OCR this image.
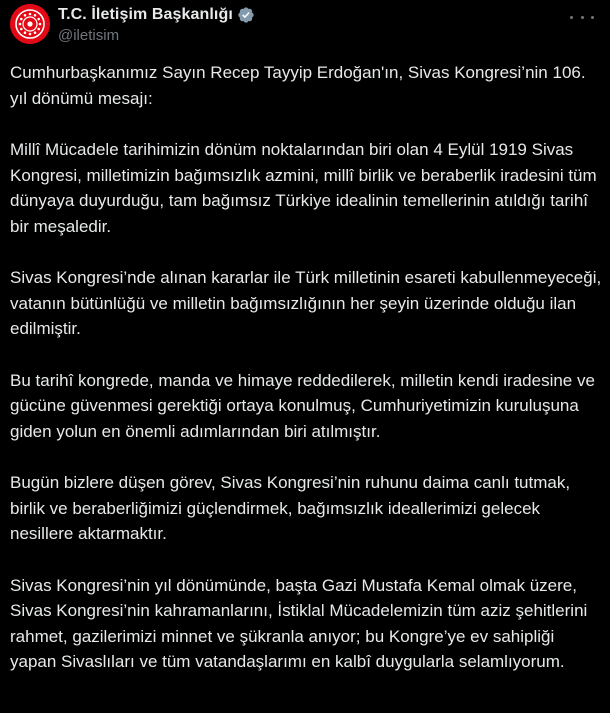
T.C. İletişim Başkanlığı
@iletisim

Cumhurbaşkanımız Sayın Recep Tayyip Erdoğan'ın, Sivas Kongresi’nin 106. yıl dönümü mesajı:

Millî Mücadele tarihimizin dönüm noktalarından biri olan 4 Eylül 1919 Sivas Kongresi, milletimizin bağımsızlık azmini, millî birlik ve beraberlik iradesini tüm dünyaya duyurduğu, tam bağımsız Türkiye idealinin temellerinin atıldığı tarihî bir meşaledir.

Sivas Kongresi’nde alınan kararlar ile Türk milletinin esareti kabullenmeyeceği, vatanın bütünlüğü ve milletin bağımsızlığının her şeyin üzerinde olduğu ilan edilmiştir.

Bu tarihî kongrede, manda ve himaye reddedilerek, milletin kendi iradesine ve gücüne güvenmesi gerektiği ortaya konulmuş, Cumhuriyetimizin kuruluşuna giden yolun en önemli adımlarından biri atılmıştır.

Bugün bizlere düşen görev, Sivas Kongresi’nin ruhunu daima canlı tutmak, birlik ve beraberliğimizi güçlendirmek, bağımsızlık ideallerimizi gelecek nesillere aktarmaktır.

Sivas Kongresi’nin yıl dönümünde, başta Gazi Mustafa Kemal olmak üzere, Sivas Kongresi’nin kahramanlarını, İstiklal Mücadelemizin tüm aziz şehitlerini rahmet, gazilerimizi minnet ve şükranla anıyor; bu Kongre’ye ev sahipliği yapan Sivaslıları ve tüm vatandaşlarımı en kalbî duygularla selamlıyorum.
